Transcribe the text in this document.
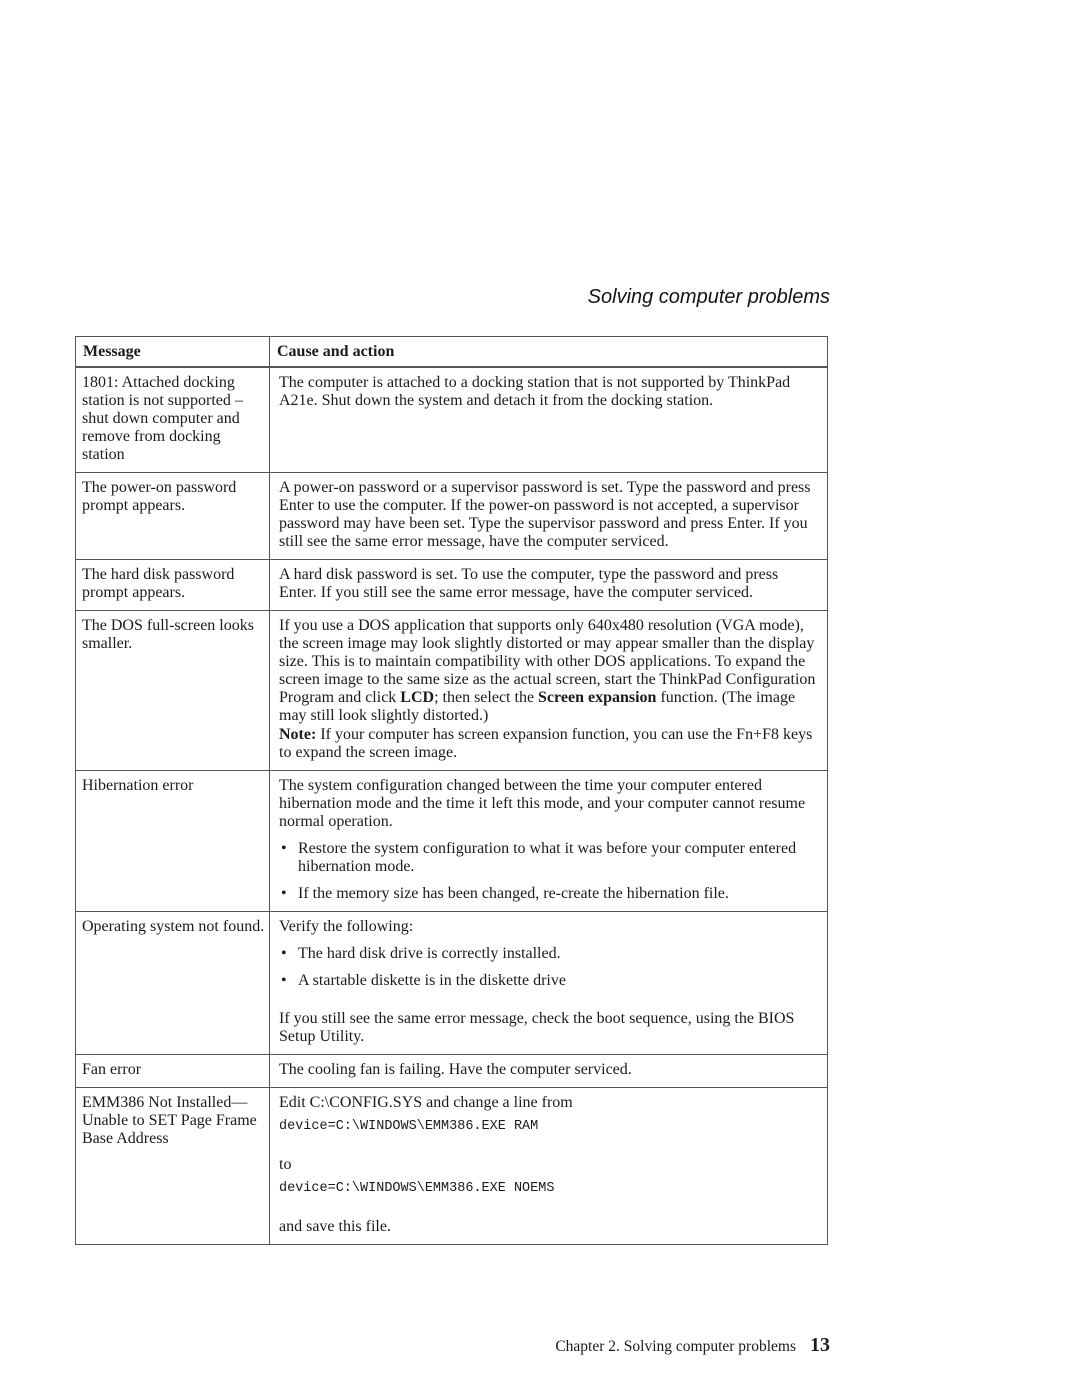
Solving computer problems
Message	Cause and action
1801: Attached docking station is not supported – shut down computer and remove from docking station	The computer is attached to a docking station that is not supported by ThinkPad A21e. Shut down the system and detach it from the docking station.

The power-on password prompt appears.	A power-on password or a supervisor password is set. Type the password and press Enter to use the computer. If the power-on password is not accepted, a supervisor password may have been set. Type the supervisor password and press Enter. If you still see the same error message, have the computer serviced.

The hard disk password prompt appears.	A hard disk password is set. To use the computer, type the password and press Enter. If you still see the same error message, have the computer serviced.

The DOS full-screen looks smaller.	If you use a DOS application that supports only 640x480 resolution (VGA mode), the screen image may look slightly distorted or may appear smaller than the display size. This is to maintain compatibility with other DOS applications. To expand the screen image to the same size as the actual screen, start the ThinkPad Configuration Program and click LCD; then select the Screen expansion function. (The image may still look slightly distorted.)
Note: If your computer has screen expansion function, you can use the Fn+F8 keys to expand the screen image.

Hibernation error	The system configuration changed between the time your computer entered hibernation mode and the time it left this mode, and your computer cannot resume normal operation.
• Restore the system configuration to what it was before your computer entered hibernation mode.
• If the memory size has been changed, re-create the hibernation file.

Operating system not found.	Verify the following:
• The hard disk drive is correctly installed.
• A startable diskette is in the diskette drive
If you still see the same error message, check the boot sequence, using the BIOS Setup Utility.

Fan error	The cooling fan is failing. Have the computer serviced.

EMM386 Not Installed—Unable to SET Page Frame Base Address	Edit C:\CONFIG.SYS and change a line from
device=C:\WINDOWS\EMM386.EXE RAM
to
device=C:\WINDOWS\EMM386.EXE NOEMS
and save this file.
Chapter 2. Solving computer problems 13
